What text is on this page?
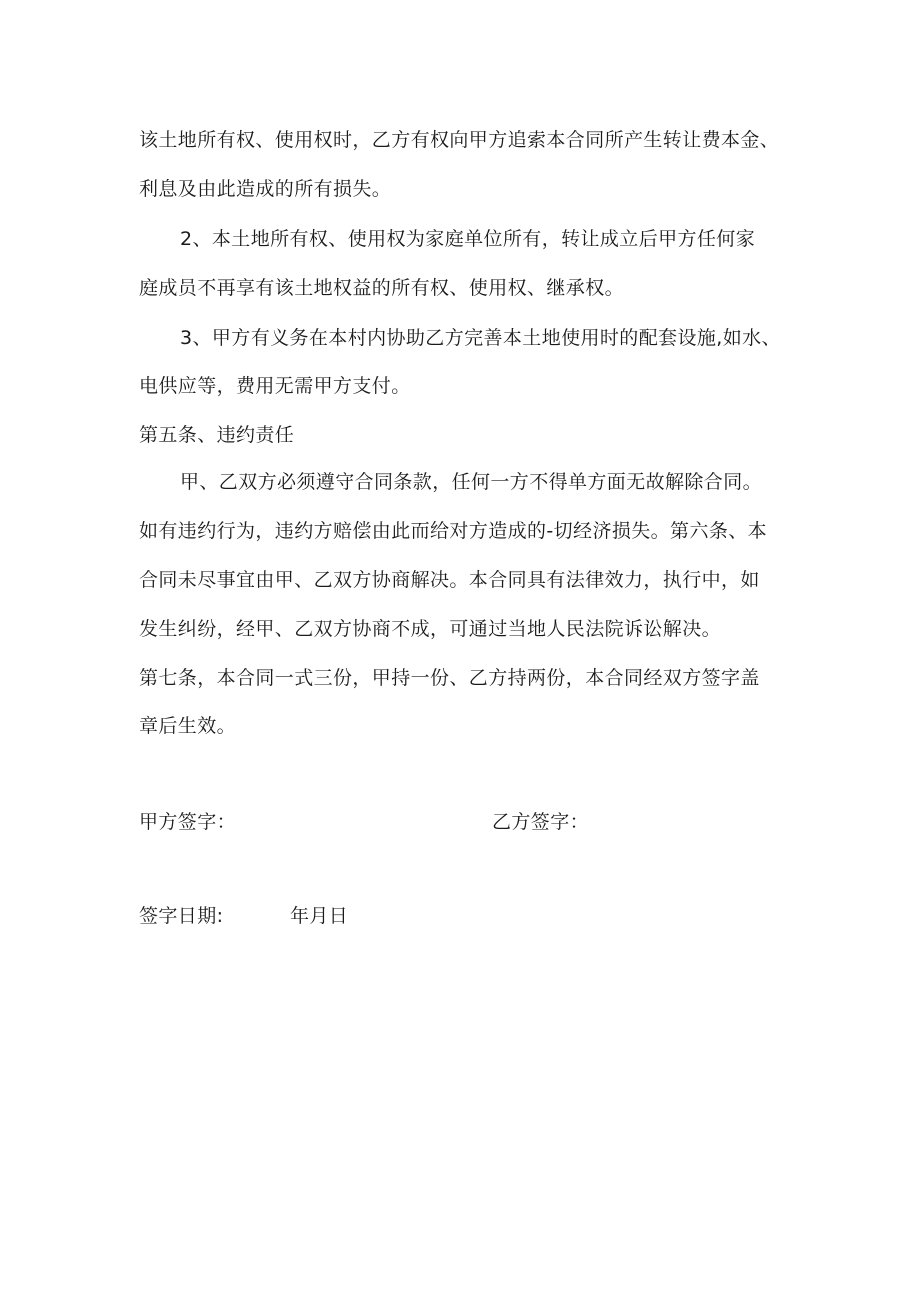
该土地所有权、使用权时，乙方有权向甲方追索本合同所产生转让费本金、
利息及由此造成的所有损失。
2、本土地所有权、使用权为家庭单位所有，转让成立后甲方任何家
庭成员不再享有该土地权益的所有权、使用权、继承权。
3、甲方有义务在本村内协助乙方完善本土地使用时的配套设施,如水、
电供应等，费用无需甲方支付。
第五条、违约责任
甲、乙双方必须遵守合同条款，任何一方不得单方面无故解除合同。
如有违约行为，违约方赔偿由此而给对方造成的-切经济损失。第六条、本
合同未尽事宜由甲、乙双方协商解决。本合同具有法律效力，执行中，如
发生纠纷，经甲、乙双方协商不成，可通过当地人民法院诉讼解决。
第七条，本合同一式三份，甲持一份、乙方持两份，本合同经双方签字盖
章后生效。
甲方签字：	乙方签字：
签字日期:	年月日
